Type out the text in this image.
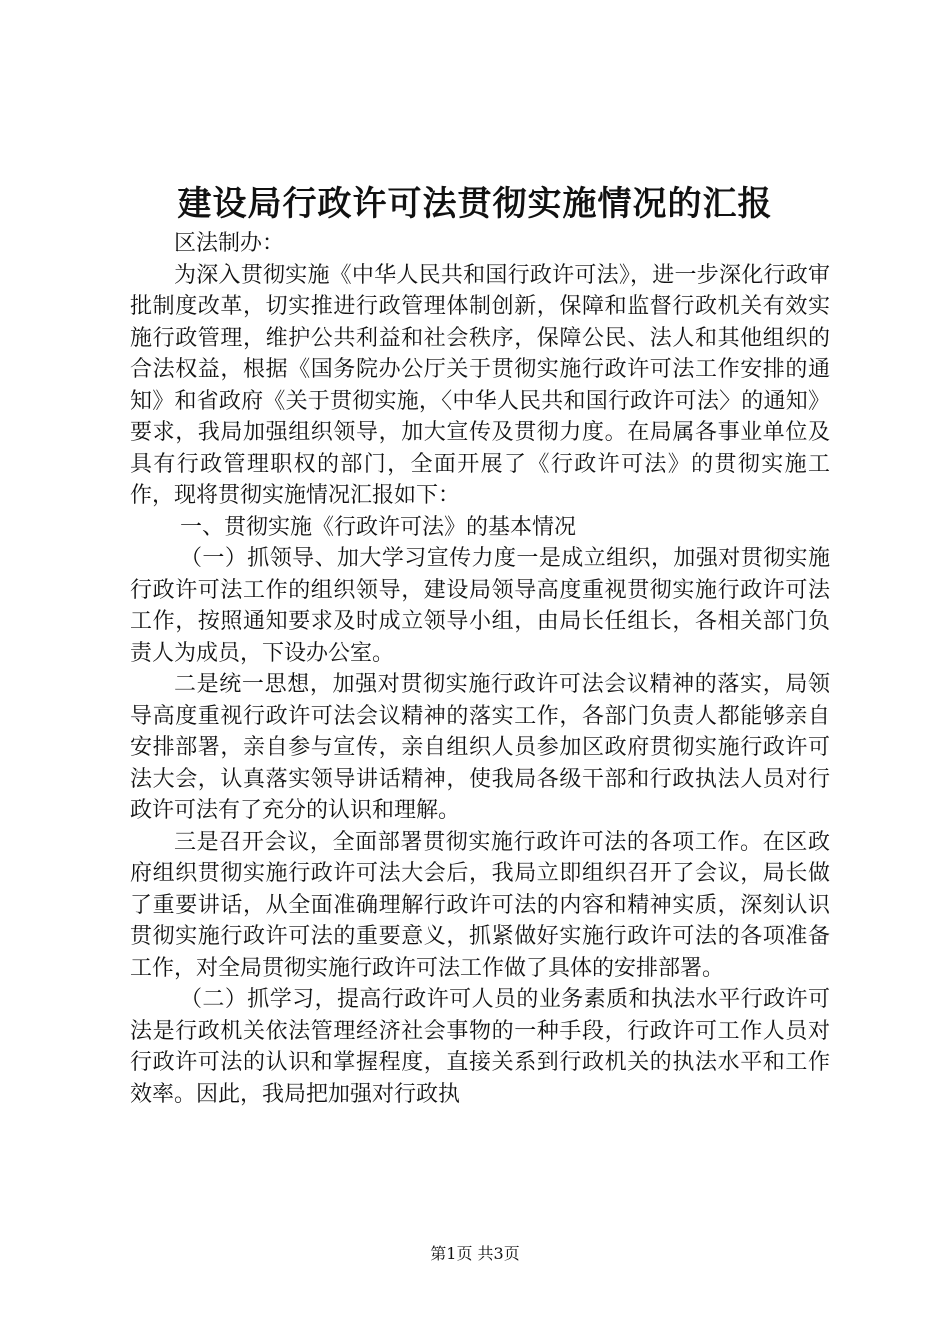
建设局行政许可法贯彻实施情况的汇报

区法制办：

为深入贯彻实施《中华人民共和国行政许可法》，进一步深化行政审批制度改革，切实推进行政管理体制创新，保障和监督行政机关有效实施行政管理，维护公共利益和社会秩序，保障公民、法人和其他组织的合法权益，根据《国务院办公厅关于贯彻实施行政许可法工作安排的通知》和省政府《关于贯彻实施，〈中华人民共和国行政许可法〉的通知》要求，我局加强组织领导，加大宣传及贯彻力度。在局属各事业单位及具有行政管理职权的部门，全面开展了《行政许可法》的贯彻实施工作，现将贯彻实施情况汇报如下：

一、贯彻实施《行政许可法》的基本情况

（一）抓领导、加大学习宣传力度一是成立组织，加强对贯彻实施行政许可法工作的组织领导，建设局领导高度重视贯彻实施行政许可法工作，按照通知要求及时成立领导小组，由局长任组长，各相关部门负责人为成员，下设办公室。

二是统一思想，加强对贯彻实施行政许可法会议精神的落实，局领导高度重视行政许可法会议精神的落实工作，各部门负责人都能够亲自安排部署，亲自参与宣传，亲自组织人员参加区政府贯彻实施行政许可法大会，认真落实领导讲话精神，使我局各级干部和行政执法人员对行政许可法有了充分的认识和理解。

三是召开会议，全面部署贯彻实施行政许可法的各项工作。在区政府组织贯彻实施行政许可法大会后，我局立即组织召开了会议，局长做了重要讲话，从全面准确理解行政许可法的内容和精神实质，深刻认识贯彻实施行政许可法的重要意义，抓紧做好实施行政许可法的各项准备工作，对全局贯彻实施行政许可法工作做了具体的安排部署。

（二）抓学习，提高行政许可人员的业务素质和执法水平行政许可法是行政机关依法管理经济社会事物的一种手段，行政许可工作人员对行政许可法的认识和掌握程度，直接关系到行政机关的执法水平和工作效率。因此，我局把加强对行政执

第1页 共3页
